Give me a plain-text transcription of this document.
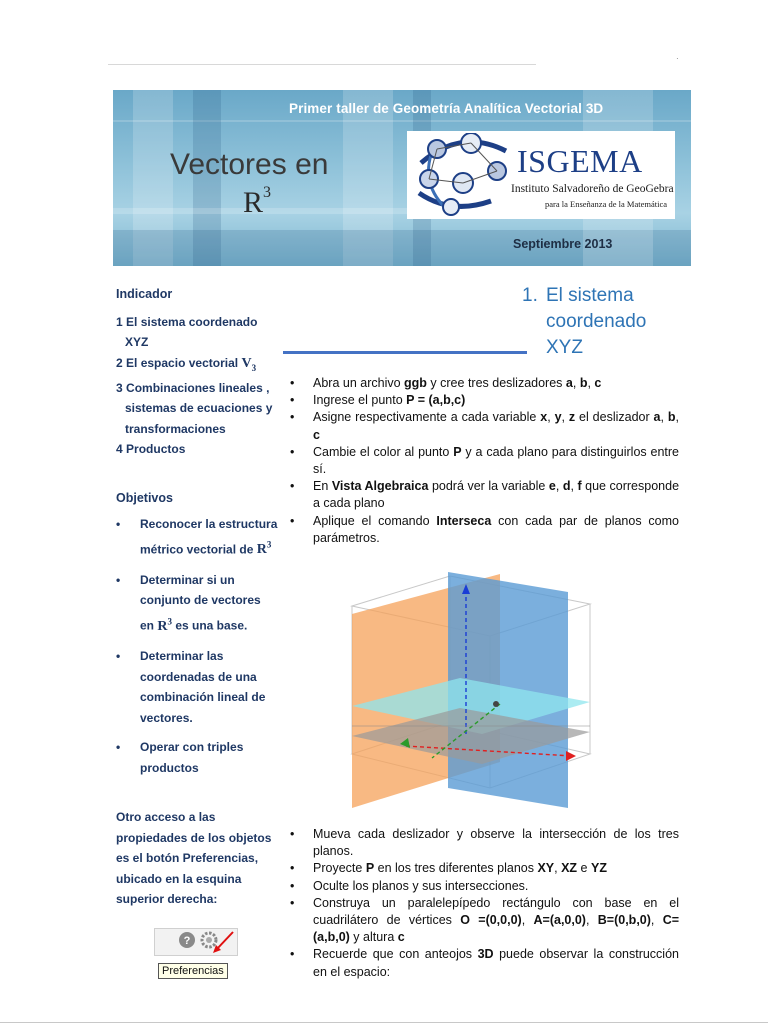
·
Primer taller de Geometría Analítica Vectorial 3D
Vectores en
$R^3$
ISGEMA
Instituto Salvadoreño de GeoGebra
para la Enseñanza de la Matemática
Septiembre 2013
Indicador
1 El sistema coordenado XYZ
2 El espacio vectorial $V_3$
3 Combinaciones lineales , sistemas de ecuaciones y transformaciones
4 Productos
Objetivos
• Reconocer la estructura métrico vectorial de $R^3$
• Determinar si un conjunto de vectores en $R^3$ es una base.
• Determinar las coordenadas de una combinación lineal de vectores.
• Operar con triples productos
Otro acceso a las propiedades de los objetos es el botón Preferencias, ubicado en la esquina superior derecha:
?
Preferencias
1. El sistema
coordenado
XYZ
• Abra un archivo ggb y cree tres deslizadores a, b, c
• Ingrese el punto P = (a,b,c)
• Asigne respectivamente a cada variable x, y, z el deslizador a, b, c
• Cambie el color al punto P y a cada plano para distinguirlos entre sí.
• En Vista Algebraica podrá ver la variable e, d, f que corresponde a cada plano
• Aplique el comando Interseca con cada par de planos como parámetros.
• Mueva cada deslizador y observe la intersección de los tres planos.
• Proyecte P en los tres diferentes planos XY, XZ e YZ
• Oculte los planos y sus intersecciones.
• Construya un paralelepípedo rectángulo con base en el cuadrilátero de vértices O =(0,0,0), A=(a,0,0), B=(0,b,0), C=(a,b,0) y altura c
• Recuerde que con anteojos 3D puede observar la construcción en el espacio:
